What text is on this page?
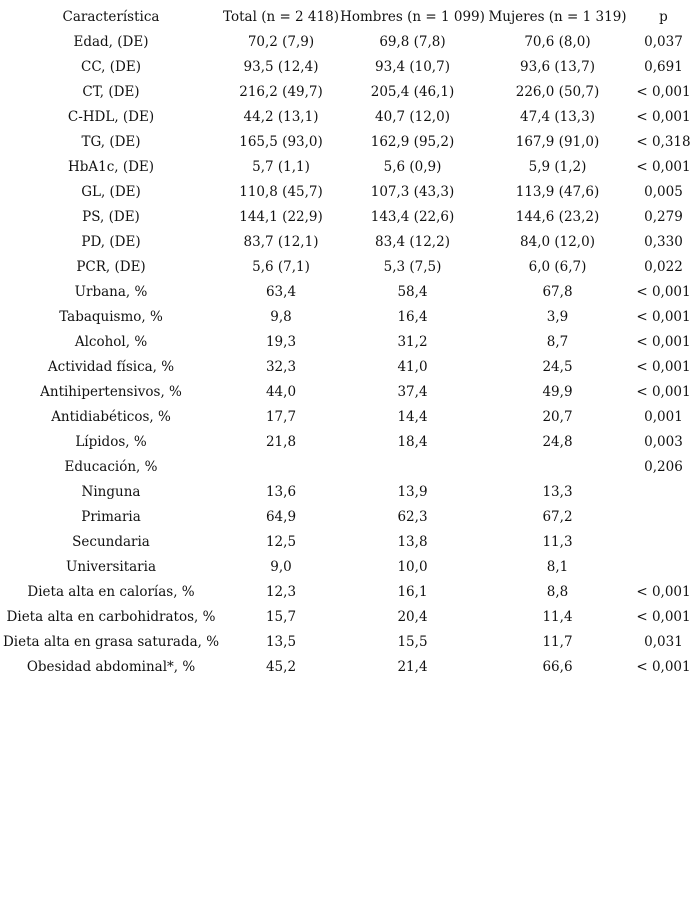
Característica	Total (n = 2 418)	Hombres (n = 1 099)	Mujeres (n = 1 319)	p
Edad, (DE)	70,2 (7,9)	69,8 (7,8)	70,6 (8,0)	0,037
CC, (DE)	93,5 (12,4)	93,4 (10,7)	93,6 (13,7)	0,691
CT, (DE)	216,2 (49,7)	205,4 (46,1)	226,0 (50,7)	< 0,001
C-HDL, (DE)	44,2 (13,1)	40,7 (12,0)	47,4 (13,3)	< 0,001
TG, (DE)	165,5 (93,0)	162,9 (95,2)	167,9 (91,0)	< 0,318
HbA1c, (DE)	5,7 (1,1)	5,6 (0,9)	5,9 (1,2)	< 0,001
GL, (DE)	110,8 (45,7)	107,3 (43,3)	113,9 (47,6)	0,005
PS, (DE)	144,1 (22,9)	143,4 (22,6)	144,6 (23,2)	0,279
PD, (DE)	83,7 (12,1)	83,4 (12,2)	84,0 (12,0)	0,330
PCR, (DE)	5,6 (7,1)	5,3 (7,5)	6,0 (6,7)	0,022
Urbana, %	63,4	58,4	67,8	< 0,001
Tabaquismo, %	9,8	16,4	3,9	< 0,001
Alcohol, %	19,3	31,2	8,7	< 0,001
Actividad física, %	32,3	41,0	24,5	< 0,001
Antihipertensivos, %	44,0	37,4	49,9	< 0,001
Antidiabéticos, %	17,7	14,4	20,7	0,001
Lípidos, %	21,8	18,4	24,8	0,003
Educación, %				0,206
Ninguna	13,6	13,9	13,3	
Primaria	64,9	62,3	67,2	
Secundaria	12,5	13,8	11,3	
Universitaria	9,0	10,0	8,1	
Dieta alta en calorías, %	12,3	16,1	8,8	< 0,001
Dieta alta en carbohidratos, %	15,7	20,4	11,4	< 0,001
Dieta alta en grasa saturada, %	13,5	15,5	11,7	0,031
Obesidad abdominal*, %	45,2	21,4	66,6	< 0,001
